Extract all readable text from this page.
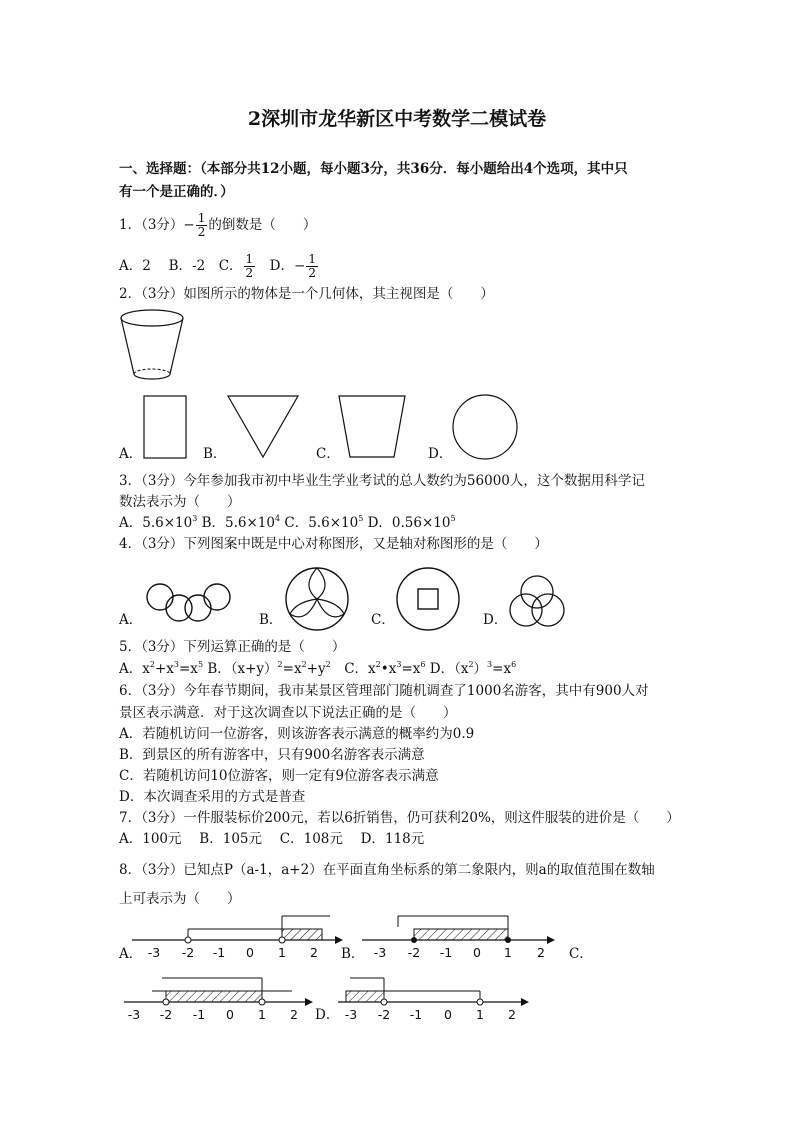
2深圳市龙华新区中考数学二模试卷
一、选择题：（本部分共12小题，每小题3分，共36分．每小题给出4个选项，其中只
有一个是正确的．）
1．（3分）− $\frac{1}{2}$ 的倒数是（　　）
A．2　 B．-2　C． $\frac{1}{2}$ 　D．− $\frac{1}{2}$
2．（3分）如图所示的物体是一个几何体，其主视图是（　　）
A．	B．	C．	D．
3．（3分）今年参加我市初中毕业生学业考试的总人数约为56000人，这个数据用科学记
数法表示为（　　）
A．$5.6\times 10^3$ B．$5.6\times 10^4$ C．$5.6\times 10^5$ D．$0.56\times 10^5$
4．（3分）下列图案中既是中心对称图形，又是轴对称图形的是（　　）
A．	B．	C．	D．
5．（3分）下列运算正确的是（　　）
A．$x^2+x^3=x^5$ B．$(x+y)^2=x^2+y^2$　C．$x^2•x^3=x^6$ D．$(x^2)^3=x^6$
6．（3分）今年春节期间，我市某景区管理部门随机调查了1000名游客，其中有900人对
景区表示满意．对于这次调查以下说法正确的是（　　）
A．若随机访问一位游客，则该游客表示满意的概率约为0.9
B．到景区的所有游客中，只有900名游客表示满意
C．若随机访问10位游客，则一定有9位游客表示满意
D．本次调查采用的方式是普查
7．（3分）一件服装标价200元，若以6折销售，仍可获利20%，则这件服装的进价是（　　）
A．100元　 B．105元　 C．108元　 D．118元
8．（3分）已知点P（a-1，a+2）在平面直角坐标系的第二象限内，则a的取值范围在数轴
上可表示为（　　）
A．	B．	C．
D．
-3 -2 -1 0 1 2	-3 -2 -1 0 1 2
-3 -2 -1 0 1 2	-3 -2 -1 0 1 2
